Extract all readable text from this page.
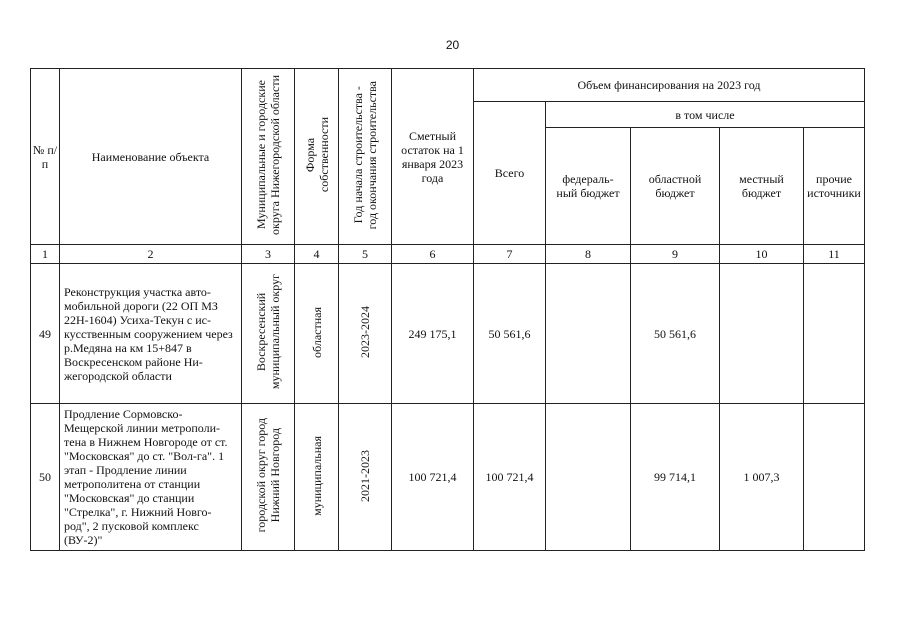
20
№ п/п	Наименование объекта	Муниципальные и городские
округа Нижегородской области	Форма
собственности	Год начала строительства -
год окончания строительства	Сметный остаток на 1 января 2023 года	Объем финансирования на 2023 год				
						Всего	в том числе			
							федераль-ный бюджет	областной бюджет	местный бюджет	прочие источники
1	2	3	4	5	6	7	8	9	10	11
49	Реконструкция участка авто-мобильной дороги (22 ОП МЗ 22Н-1604) Усиха-Текун с ис-кусственным сооружением через р.Медяна на км 15+847 в Воскресенском районе Ни-жегородской области	Воскресенский
муниципальный округ	областная	2023-2024	249 175,1	50 561,6		50 561,6		
50	Продление Сормовско-Мещерской линии метрополи-тена в Нижнем Новгороде от ст. "Московская" до ст. "Вол-га". 1 этап - Продление линии метрополитена от станции "Московская" до станции "Стрелка", г. Нижний Новго-род", 2 пусковой комплекс (ВУ-2)"	городской округ город
Нижний Новгород	муниципальная	2021-2023	100 721,4	100 721,4		99 714,1	1 007,3	
